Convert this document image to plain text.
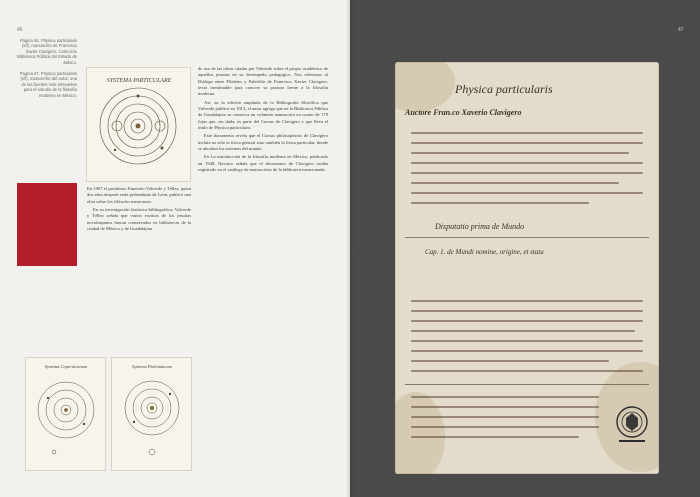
46	47

Página 46. Physica particularis (s/f), manuscrito de Francisco Xavier Clavigero. Colección Biblioteca Pública del Estado de Jalisco.

Página 47. Physica particularis (s/f), manuscrito del autor, una de las fuentes más relevantes para el estudio de la filosofía moderna en México.

SYSTEMA PARTICULARE

En 1907 el presbítero Emeterio Valverde y Téllez, quien dos años después sería prebendado de León, publicó una obra sobre los filósofos mexicanos.

En su investigación histórico-bibliográfica, Valverde y Téllez señala que varios escritos de los jesuitas novohispanos fueron conservados en bibliotecas de la ciudad de México y de Guadalajara.

Systema Copernicanum	Systema Ptolomaicum

de uso de las obras citadas por Valverde sobre el propio académico de aquellos jesuitas en su desempeño pedagógico. Nos referimos al Diálogo entre Filaletes y Paleófilo de Francisco Xavier Clavigero, texto inestimable para conocer su postura frente a la filosofía moderna.

Así, en la edición ampliada de la Bibliografía filosófica que Valverde publicó en 1913, el autor agrega que en la Biblioteca Pública de Guadalajara se conserva un volumen manuscrito en cuarto de 179 fojas que, sin duda, es parte del Cursus de Clavigero y que lleva el título de Physica particularis.

Este documento revela que el Cursus philosophicus de Clavigero incluía no sólo la física general sino también la física particular, donde se abordan los sistemas del mundo.

En La introducción de la filosofía moderna en México, publicado en 1948, Navarro señala que el documento de Clavigero estaba registrado en el catálogo de manuscritos de la biblioteca mencionada.

Physica particularis
Auctore Fran.co Xaverio Clavigero
Disputatio prima de Mundo
Cap. 1. de Mundi nomine, origine, et statu
